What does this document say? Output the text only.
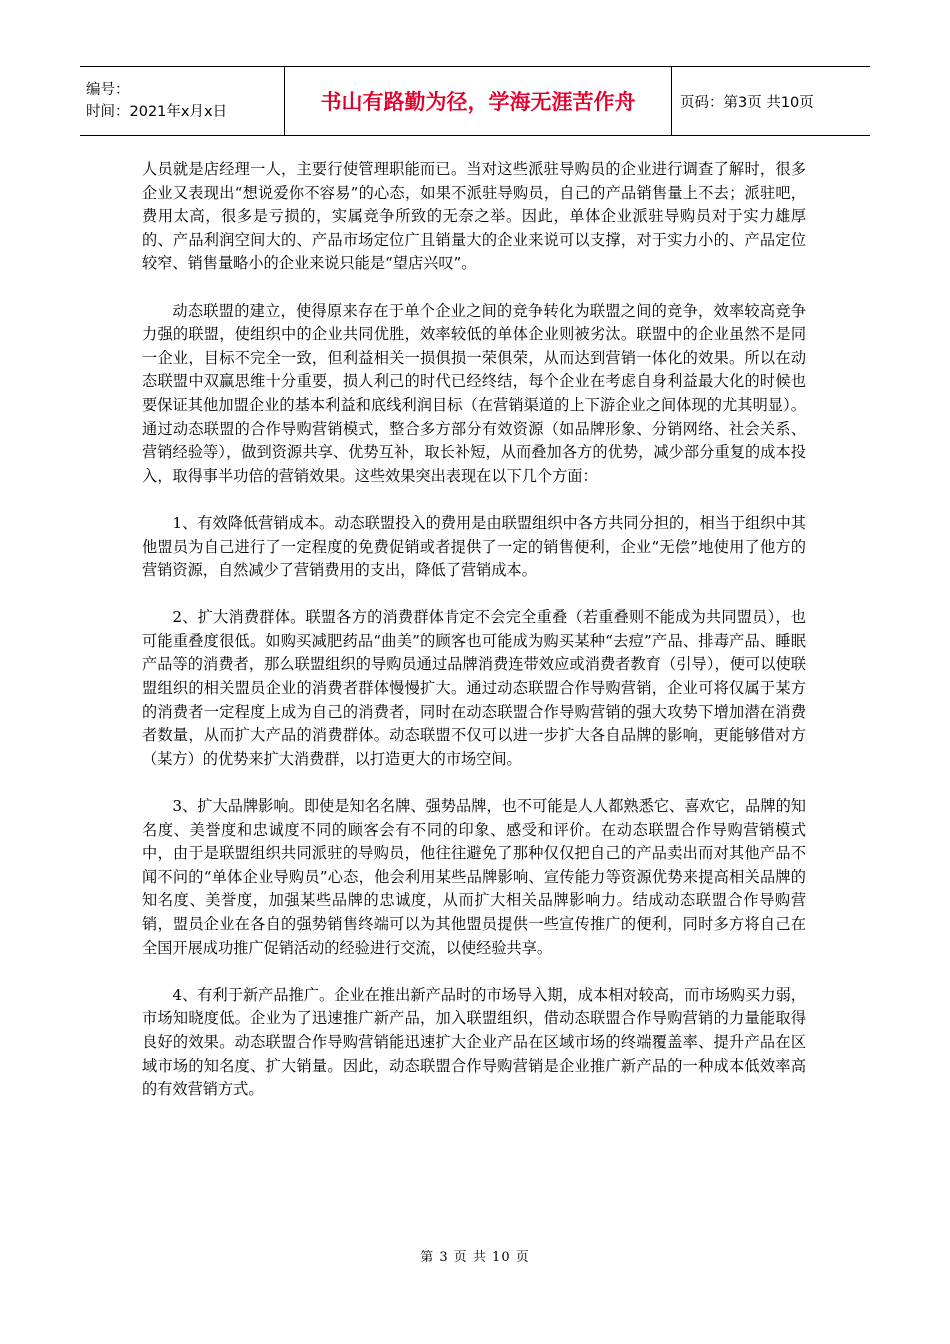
编号：
时间：2021年x月x日	书山有路勤为径，学海无涯苦作舟	页码：第3页 共10页

人员就是店经理一人，主要行使管理职能而已。当对这些派驻导购员的企业进行调查了解时，很多企业又表现出“想说爱你不容易”的心态，如果不派驻导购员，自己的产品销售量上不去；派驻吧，费用太高，很多是亏损的，实属竞争所致的无奈之举。因此，单体企业派驻导购员对于实力雄厚的、产品利润空间大的、产品市场定位广且销量大的企业来说可以支撑，对于实力小的、产品定位较窄、销售量略小的企业来说只能是“望店兴叹”。

动态联盟的建立，使得原来存在于单个企业之间的竞争转化为联盟之间的竞争，效率较高竞争力强的联盟，使组织中的企业共同优胜，效率较低的单体企业则被劣汰。联盟中的企业虽然不是同一企业，目标不完全一致，但利益相关一损俱损一荣俱荣，从而达到营销一体化的效果。所以在动态联盟中双赢思维十分重要，损人利己的时代已经终结，每个企业在考虑自身利益最大化的时候也要保证其他加盟企业的基本利益和底线利润目标（在营销渠道的上下游企业之间体现的尤其明显）。通过动态联盟的合作导购营销模式，整合多方部分有效资源（如品牌形象、分销网络、社会关系、营销经验等），做到资源共享、优势互补，取长补短，从而叠加各方的优势，减少部分重复的成本投入，取得事半功倍的营销效果。这些效果突出表现在以下几个方面：

1、有效降低营销成本。动态联盟投入的费用是由联盟组织中各方共同分担的，相当于组织中其他盟员为自己进行了一定程度的免费促销或者提供了一定的销售便利，企业“无偿”地使用了他方的营销资源，自然减少了营销费用的支出，降低了营销成本。

2、扩大消费群体。联盟各方的消费群体肯定不会完全重叠（若重叠则不能成为共同盟员），也可能重叠度很低。如购买减肥药品“曲美”的顾客也可能成为购买某种“去痘”产品、排毒产品、睡眠产品等的消费者，那么联盟组织的导购员通过品牌消费连带效应或消费者教育（引导），便可以使联盟组织的相关盟员企业的消费者群体慢慢扩大。通过动态联盟合作导购营销，企业可将仅属于某方的消费者一定程度上成为自己的消费者，同时在动态联盟合作导购营销的强大攻势下增加潜在消费者数量，从而扩大产品的消费群体。动态联盟不仅可以进一步扩大各自品牌的影响，更能够借对方（某方）的优势来扩大消费群，以打造更大的市场空间。

3、扩大品牌影响。即使是知名名牌、强势品牌，也不可能是人人都熟悉它、喜欢它，品牌的知名度、美誉度和忠诚度不同的顾客会有不同的印象、感受和评价。在动态联盟合作导购营销模式中，由于是联盟组织共同派驻的导购员，他往往避免了那种仅仅把自己的产品卖出而对其他产品不闻不问的“单体企业导购员”心态，他会利用某些品牌影响、宣传能力等资源优势来提高相关品牌的知名度、美誉度，加强某些品牌的忠诚度，从而扩大相关品牌影响力。结成动态联盟合作导购营销，盟员企业在各自的强势销售终端可以为其他盟员提供一些宣传推广的便利，同时多方将自己在全国开展成功推广促销活动的经验进行交流，以使经验共享。

4、有利于新产品推广。企业在推出新产品时的市场导入期，成本相对较高，而市场购买力弱，市场知晓度低。企业为了迅速推广新产品，加入联盟组织，借动态联盟合作导购营销的力量能取得良好的效果。动态联盟合作导购营销能迅速扩大企业产品在区域市场的终端覆盖率、提升产品在区域市场的知名度、扩大销量。因此，动态联盟合作导购营销是企业推广新产品的一种成本低效率高的有效营销方式。

第 3 页 共 10 页
